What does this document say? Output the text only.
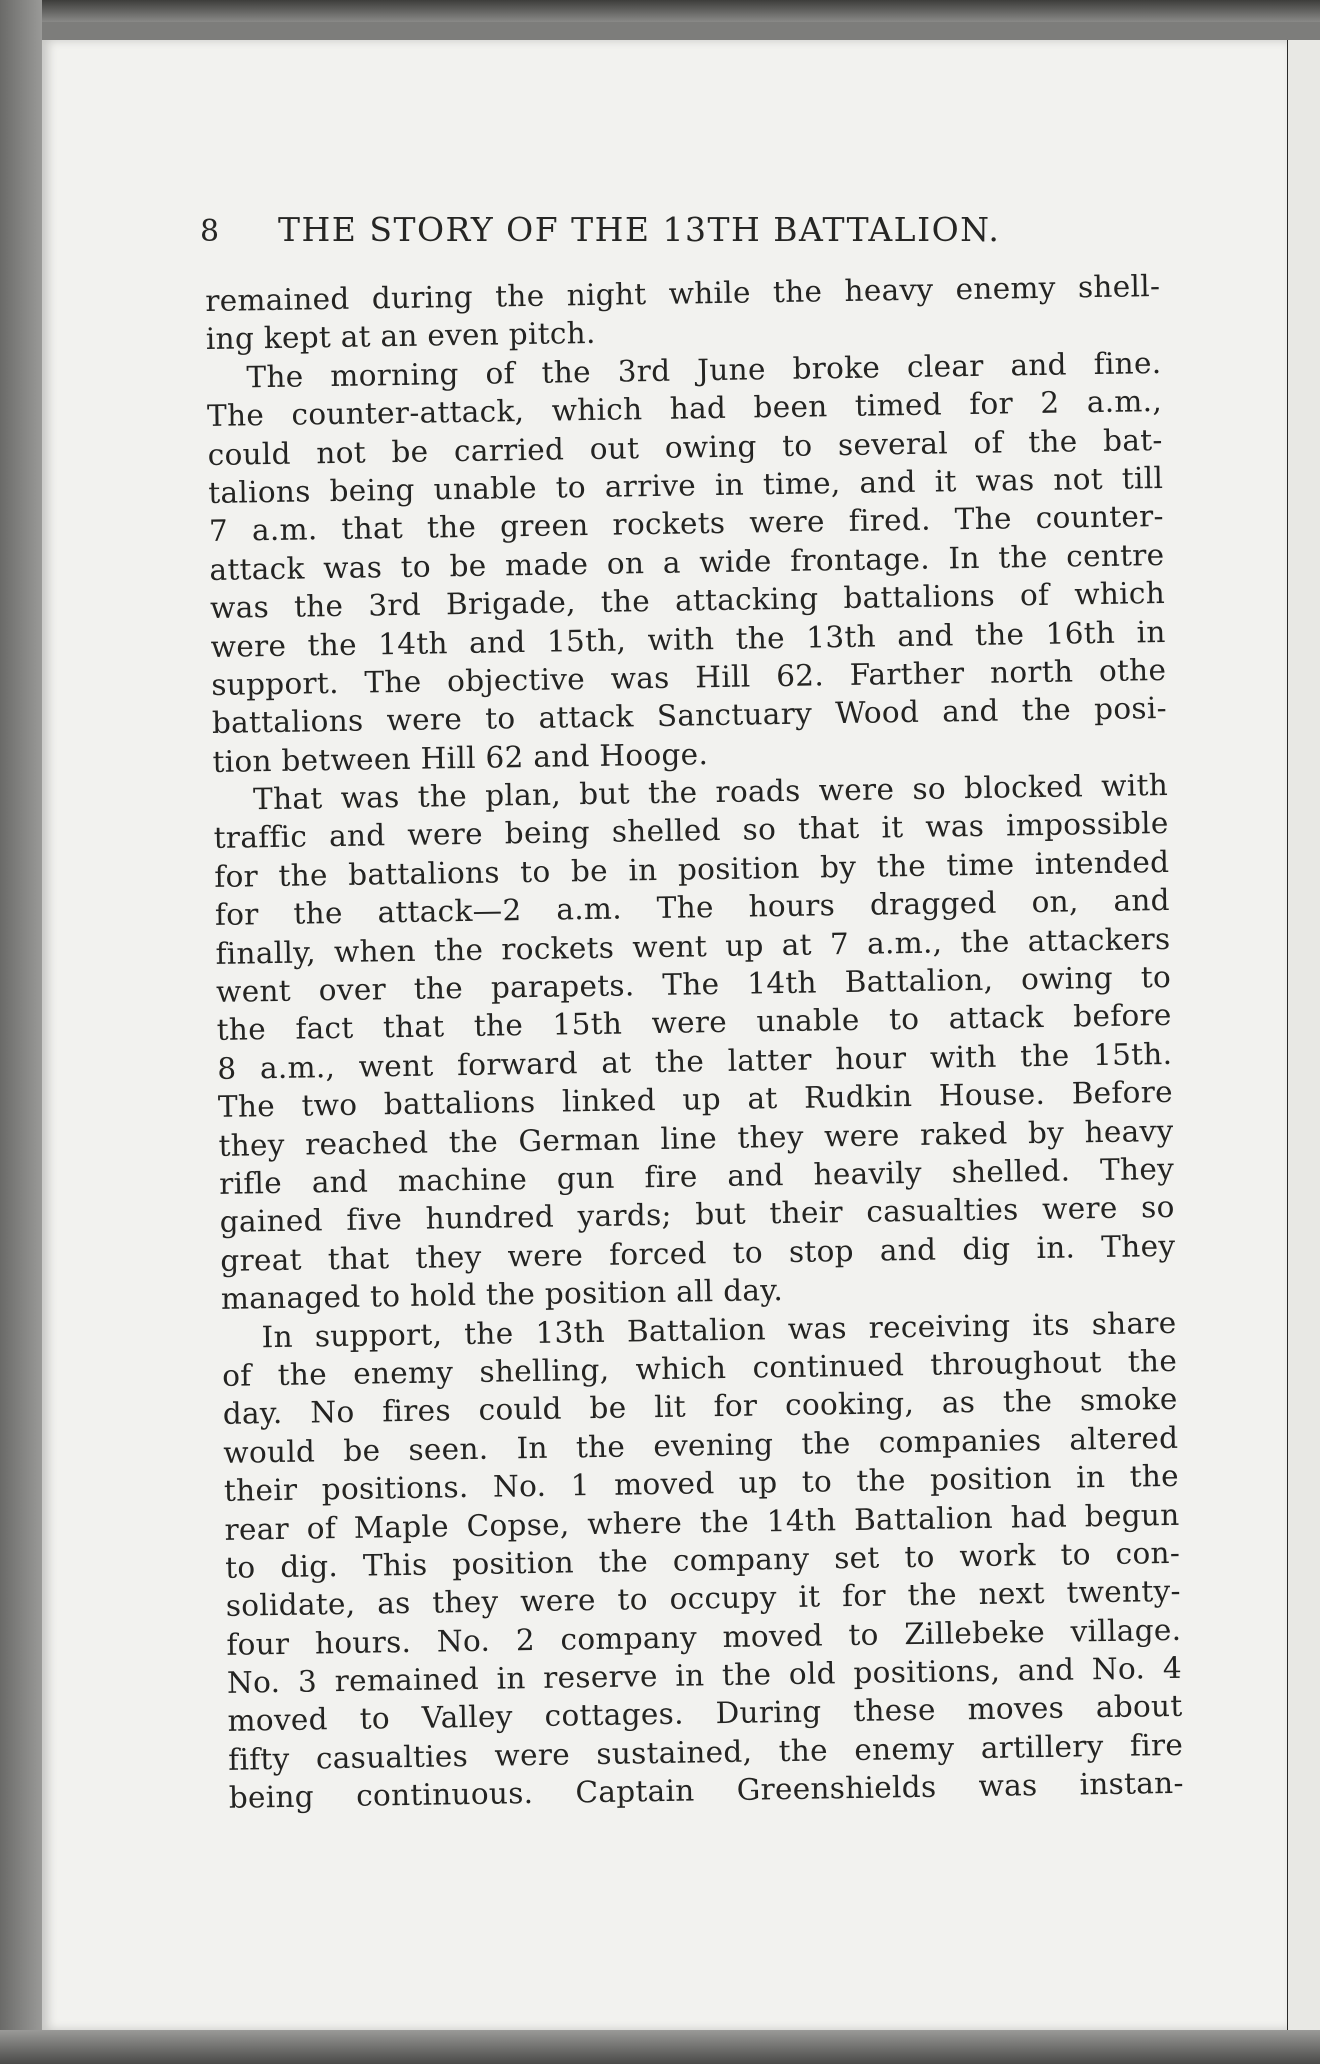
8 THE STORY OF THE 13TH BATTALION.
remained during the night while the heavy enemy shell-
ing kept at an even pitch.
The morning of the 3rd June broke clear and fine.
The counter-attack, which had been timed for 2 a.m.,
could not be carried out owing to several of the bat-
talions being unable to arrive in time, and it was not till
7 a.m. that the green rockets were fired. The counter-
attack was to be made on a wide frontage. In the centre
was the 3rd Brigade, the attacking battalions of which
were the 14th and 15th, with the 13th and the 16th in
support. The objective was Hill 62. Farther north othe
battalions were to attack Sanctuary Wood and the posi-
tion between Hill 62 and Hooge.
That was the plan, but the roads were so blocked with
traffic and were being shelled so that it was impossible
for the battalions to be in position by the time intended
for the attack—2 a.m. The hours dragged on, and
finally, when the rockets went up at 7 a.m., the attackers
went over the parapets. The 14th Battalion, owing to
the fact that the 15th were unable to attack before
8 a.m., went forward at the latter hour with the 15th.
The two battalions linked up at Rudkin House. Before
they reached the German line they were raked by heavy
rifle and machine gun fire and heavily shelled. They
gained five hundred yards; but their casualties were so
great that they were forced to stop and dig in. They
managed to hold the position all day.
In support, the 13th Battalion was receiving its share
of the enemy shelling, which continued throughout the
day. No fires could be lit for cooking, as the smoke
would be seen. In the evening the companies altered
their positions. No. 1 moved up to the position in the
rear of Maple Copse, where the 14th Battalion had begun
to dig. This position the company set to work to con-
solidate, as they were to occupy it for the next twenty-
four hours. No. 2 company moved to Zillebeke village.
No. 3 remained in reserve in the old positions, and No. 4
moved to Valley cottages. During these moves about
fifty casualties were sustained, the enemy artillery fire
being continuous. Captain Greenshields was instan-
